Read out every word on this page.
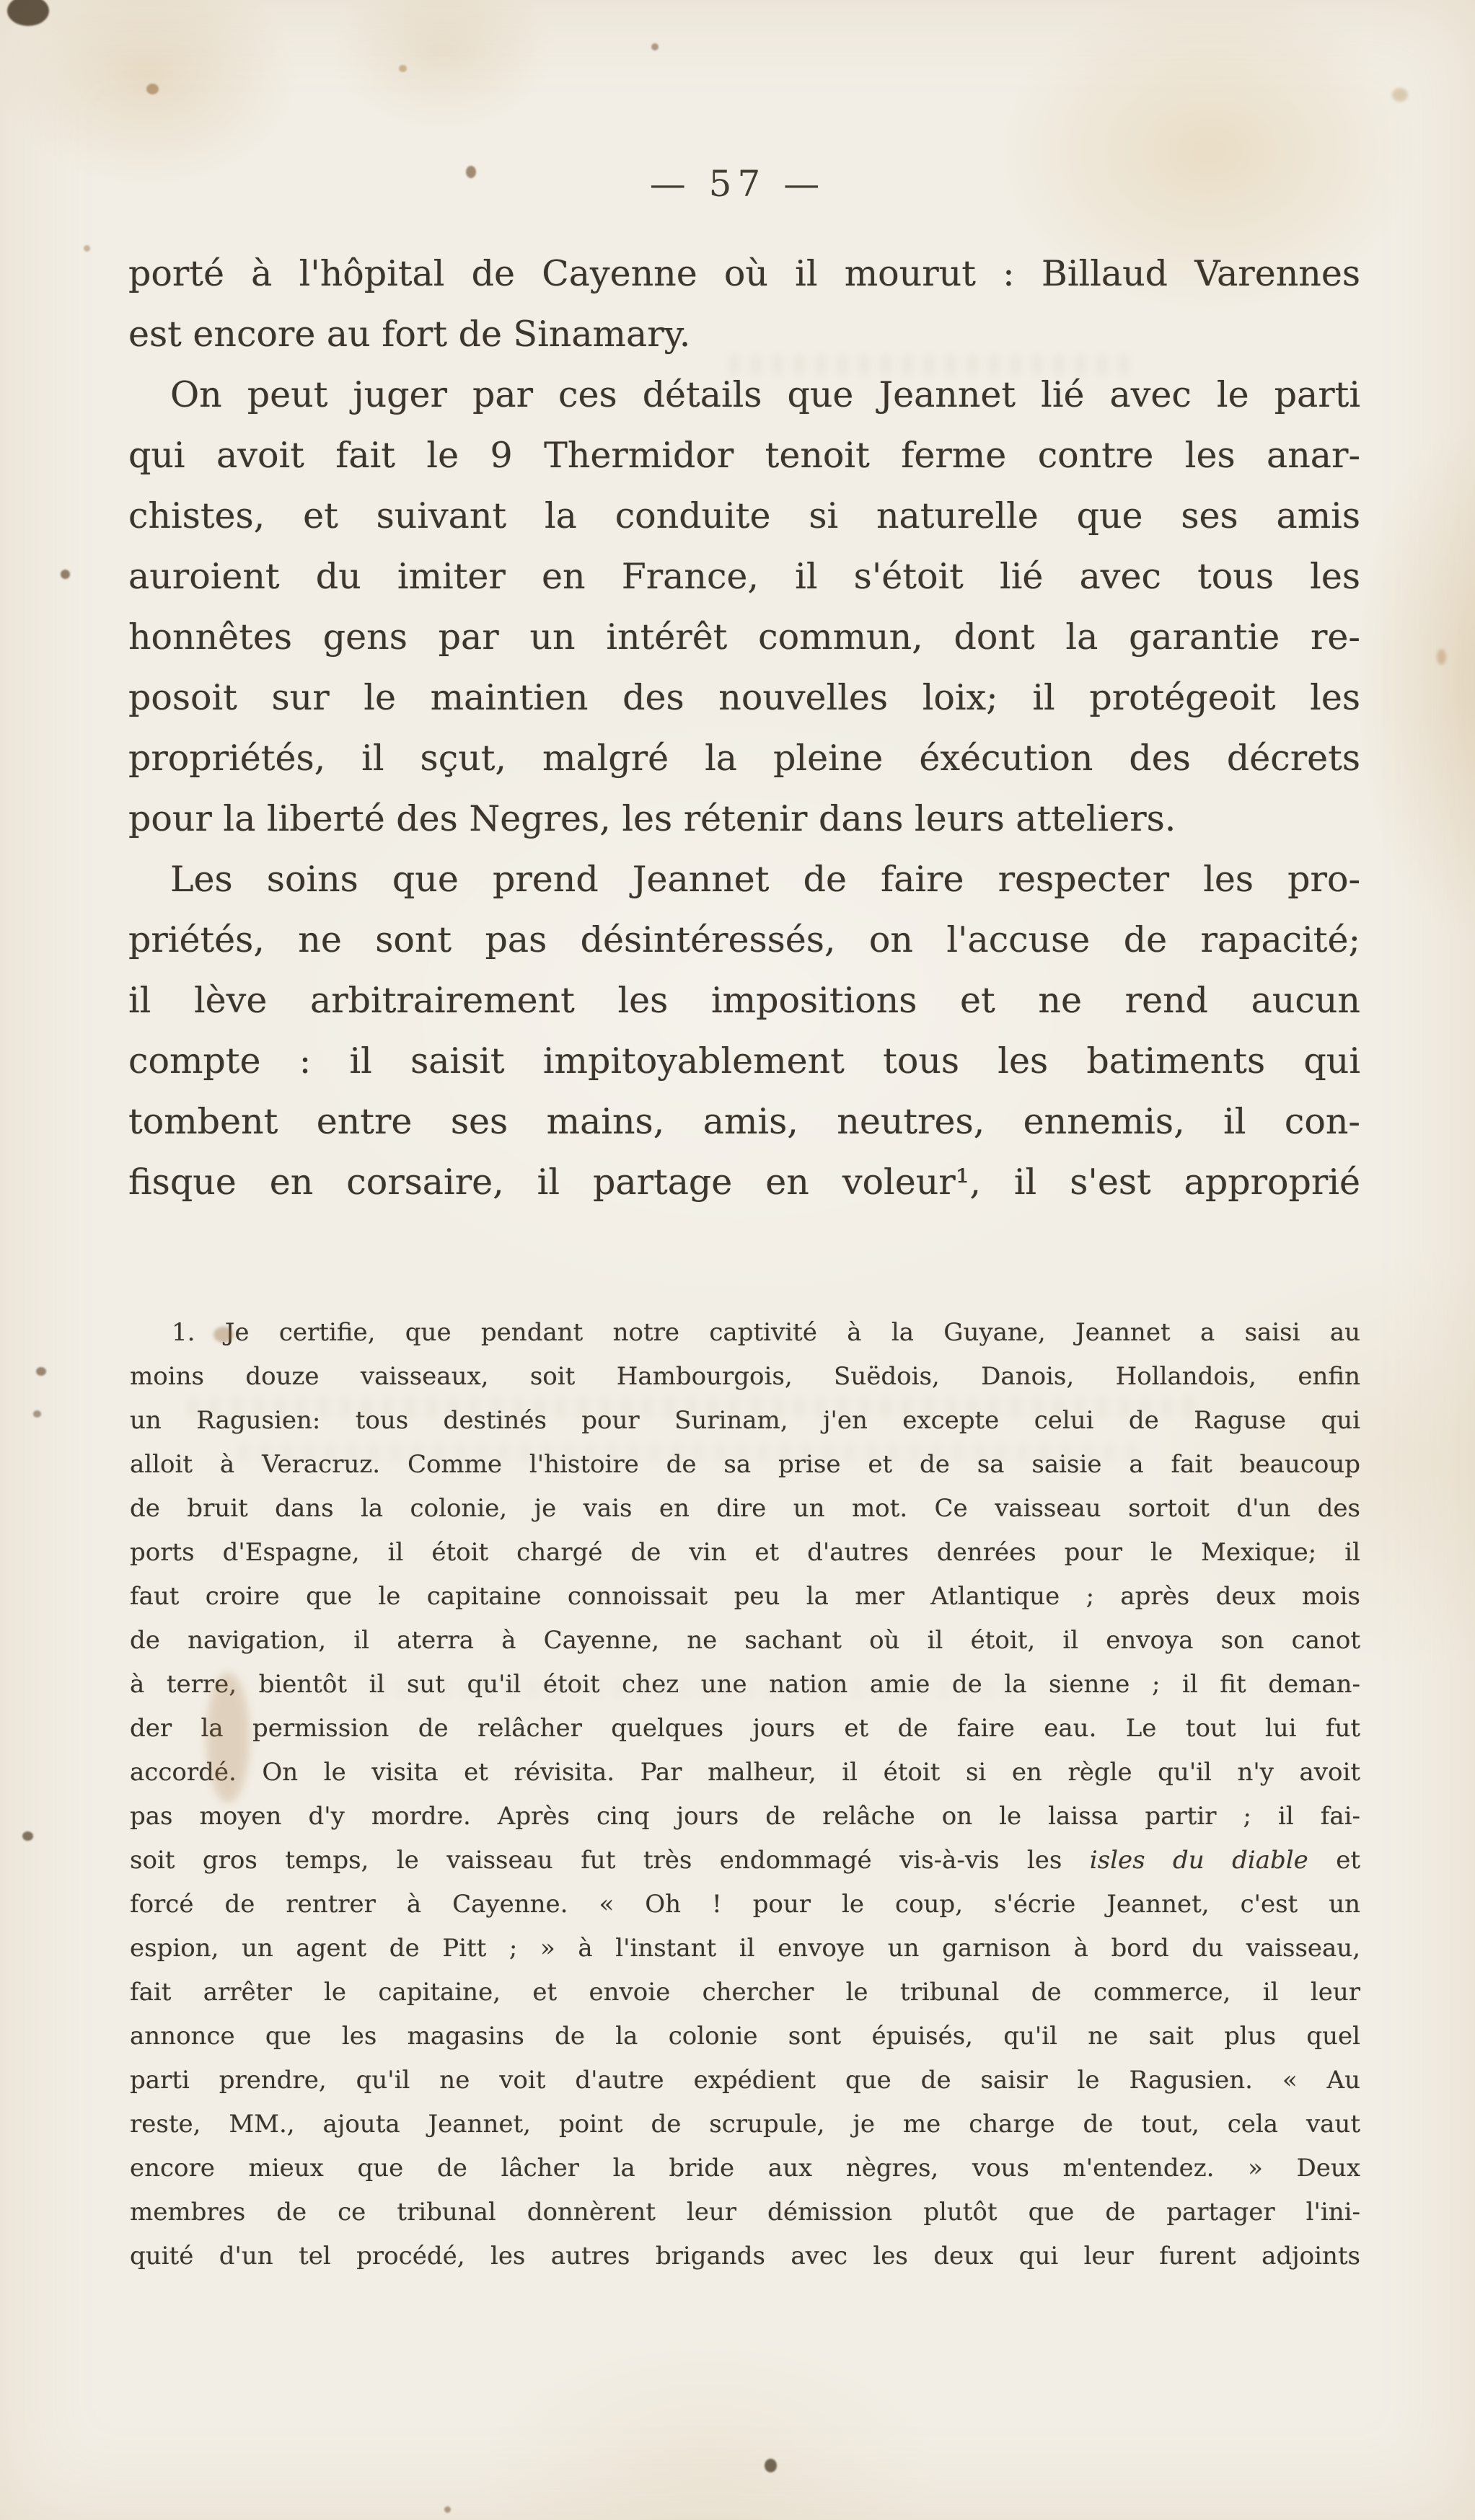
— 57 —
porté à l'hôpital de Cayenne où il mourut : Billaud Varennes
est encore au fort de Sinamary.
On peut juger par ces détails que Jeannet lié avec le parti
qui avoit fait le 9 Thermidor tenoit ferme contre les anar-
chistes, et suivant la conduite si naturelle que ses amis
auroient du imiter en France, il s'étoit lié avec tous les
honnêtes gens par un intérêt commun, dont la garantie re-
posoit sur le maintien des nouvelles loix; il protégeoit les
propriétés, il sçut, malgré la pleine éxécution des décrets
pour la liberté des Negres, les rétenir dans leurs atteliers.
Les soins que prend Jeannet de faire respecter les pro-
priétés, ne sont pas désintéressés, on l'accuse de rapacité;
il lève arbitrairement les impositions et ne rend aucun
compte : il saisit impitoyablement tous les batiments qui
tombent entre ses mains, amis, neutres, ennemis, il con-
fisque en corsaire, il partage en voleur¹, il s'est approprié
1. Je certifie, que pendant notre captivité à la Guyane, Jeannet a saisi au
moins douze vaisseaux, soit Hambourgois, Suëdois, Danois, Hollandois, enfin
un Ragusien: tous destinés pour Surinam, j'en excepte celui de Raguse qui
alloit à Veracruz. Comme l'histoire de sa prise et de sa saisie a fait beaucoup
de bruit dans la colonie, je vais en dire un mot. Ce vaisseau sortoit d'un des
ports d'Espagne, il étoit chargé de vin et d'autres denrées pour le Mexique; il
faut croire que le capitaine connoissait peu la mer Atlantique ; après deux mois
de navigation, il aterra à Cayenne, ne sachant où il étoit, il envoya son canot
à terre, bientôt il sut qu'il étoit chez une nation amie de la sienne ; il fit deman-
der la permission de relâcher quelques jours et de faire eau. Le tout lui fut
accordé. On le visita et révisita. Par malheur, il étoit si en règle qu'il n'y avoit
pas moyen d'y mordre. Après cinq jours de relâche on le laissa partir ; il fai-
soit gros temps, le vaisseau fut très endommagé vis-à-vis les isles du diable et
forcé de rentrer à Cayenne. « Oh ! pour le coup, s'écrie Jeannet, c'est un
espion, un agent de Pitt ; » à l'instant il envoye un garnison à bord du vaisseau,
fait arrêter le capitaine, et envoie chercher le tribunal de commerce, il leur
annonce que les magasins de la colonie sont épuisés, qu'il ne sait plus quel
parti prendre, qu'il ne voit d'autre expédient que de saisir le Ragusien. « Au
reste, MM., ajouta Jeannet, point de scrupule, je me charge de tout, cela vaut
encore mieux que de lâcher la bride aux nègres, vous m'entendez. » Deux
membres de ce tribunal donnèrent leur démission plutôt que de partager l'ini-
quité d'un tel procédé, les autres brigands avec les deux qui leur furent adjoints
